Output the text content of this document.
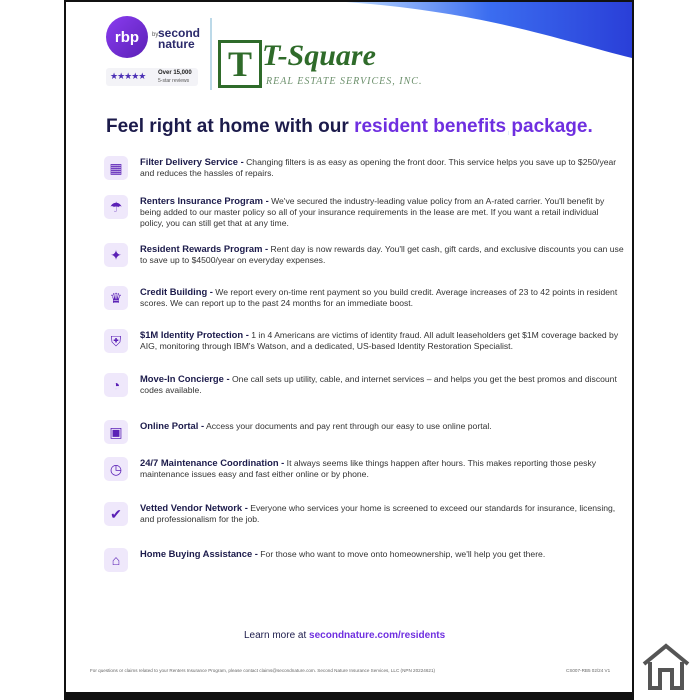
rbp	by second nature
★★★★★ Over 15,000
5-star reviews T T-Square
REAL ESTATE SERVICES, INC.
Feel right at home with our resident benefits package.
▦	Filter Delivery Service - Changing filters is as easy as opening the front door. This service helps you save up to $250/year and reduces the hassles of repairs.
☂	Renters Insurance Program - We've secured the industry-leading value policy from an A-rated carrier. You'll benefit by being added to our master policy so all of your insurance requirements in the lease are met. If you want a retail individual policy, you can still get that at any time.
✦	Resident Rewards Program - Rent day is now rewards day. You'll get cash, gift cards, and exclusive discounts you can use to save up to $4500/year on everyday expenses.
♛	Credit Building - We report every on-time rent payment so you build credit. Average increases of 23 to 42 points in resident scores. We can report up to the past 24 months for an immediate boost.
⛨	$1M Identity Protection - 1 in 4 Americans are victims of identity fraud. All adult leaseholders get $1M coverage backed by AIG, monitoring through IBM's Watson, and a dedicated, US-based Identity Restoration Specialist.
◔	Move-In Concierge - One call sets up utility, cable, and internet services – and helps you get the best promos and discount codes available.
▣	Online Portal - Access your documents and pay rent through our easy to use online portal.
◷	24/7 Maintenance Coordination - It always seems like things happen after hours. This makes reporting those pesky maintenance issues easy and fast either online or by phone.
✔	Vetted Vendor Network - Everyone who services your home is screened to exceed our standards for insurance, licensing, and professionalism for the job.
⌂	Home Buying Assistance - For those who want to move onto homeownership, we'll help you get there.
Learn more at secondnature.com/residents
For questions or claims related to your Renters Insurance Program, please contact claims@secondnature.com. Second Nature Insurance Services, LLC (NPN 20224621)	CS007-RB5 02/24 V1
